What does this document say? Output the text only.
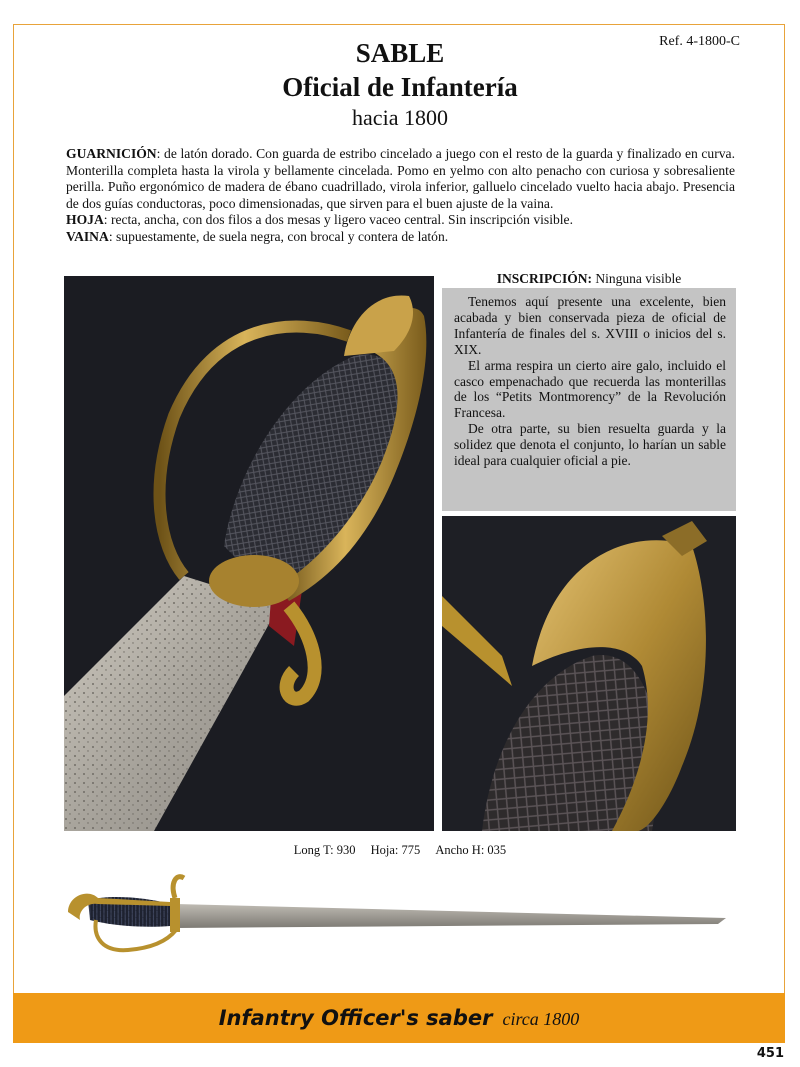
Ref. 4-1800-C
SABLE
Oficial de Infantería
hacia 1800

GUARNICIÓN: de latón dorado. Con guarda de estribo cincelado a juego con el resto de la guarda y finalizado en curva. Monterilla completa hasta la virola y bellamente cincelada. Pomo en yelmo con alto penacho con curiosa y sobresaliente perilla. Puño ergonómico de madera de ébano cuadrillado, virola inferior, galluelo cincelado vuelto hacia abajo. Presencia de dos guías conductoras, poco dimensionadas, que sirven para el buen ajuste de la vaina.

HOJA: recta, ancha, con dos filos a dos mesas y ligero vaceo central. Sin inscripción visible.

VAINA: supuestamente, de suela negra, con brocal y contera de latón.

INSCRIPCIÓN: Ninguna visible

Tenemos aquí presente una excelente, bien acabada y bien conservada pieza de oficial de Infantería de finales del s. XVIII o inicios del s. XIX.

El arma respira un cierto aire galo, incluido el casco empenachado que recuerda las monterillas de los “Petits Montmorency” de la Revolución Francesa.

De otra parte, su bien resuelta guarda y la solidez que denota el conjunto, lo harían un sable ideal para cualquier oficial a pie.

Long T: 930 Hoja: 775 Ancho H: 035
Infantry Officer's saber circa 1800
451
